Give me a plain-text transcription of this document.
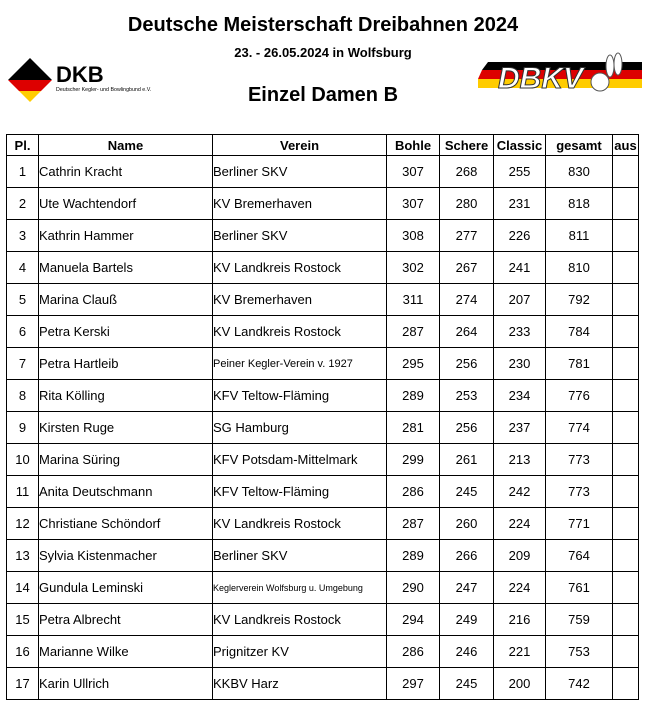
Deutsche Meisterschaft Dreibahnen 2024
23. - 26.05.2024 in Wolfsburg
Einzel Damen B
DKB
Deutscher Kegler- und Bowlingbund e.V.	DBKV
Pl.	Name	Verein	Bohle	Schere	Classic	gesamt	aus
1	Cathrin Kracht	Berliner SKV	307	268	255	830	
2	Ute Wachtendorf	KV Bremerhaven	307	280	231	818	
3	Kathrin Hammer	Berliner SKV	308	277	226	811	
4	Manuela Bartels	KV Landkreis Rostock	302	267	241	810	
5	Marina Clauß	KV Bremerhaven	311	274	207	792	
6	Petra Kerski	KV Landkreis Rostock	287	264	233	784	
7	Petra Hartleib	Peiner Kegler-Verein v. 1927	295	256	230	781	
8	Rita Kölling	KFV Teltow-Fläming	289	253	234	776	
9	Kirsten Ruge	SG Hamburg	281	256	237	774	
10	Marina Süring	KFV Potsdam-Mittelmark	299	261	213	773	
11	Anita Deutschmann	KFV Teltow-Fläming	286	245	242	773	
12	Christiane Schöndorf	KV Landkreis Rostock	287	260	224	771	
13	Sylvia Kistenmacher	Berliner SKV	289	266	209	764	
14	Gundula Leminski	Keglerverein Wolfsburg u. Umgebung	290	247	224	761	
15	Petra Albrecht	KV Landkreis Rostock	294	249	216	759	
16	Marianne Wilke	Prignitzer KV	286	246	221	753	
17	Karin Ullrich	KKBV Harz	297	245	200	742	
